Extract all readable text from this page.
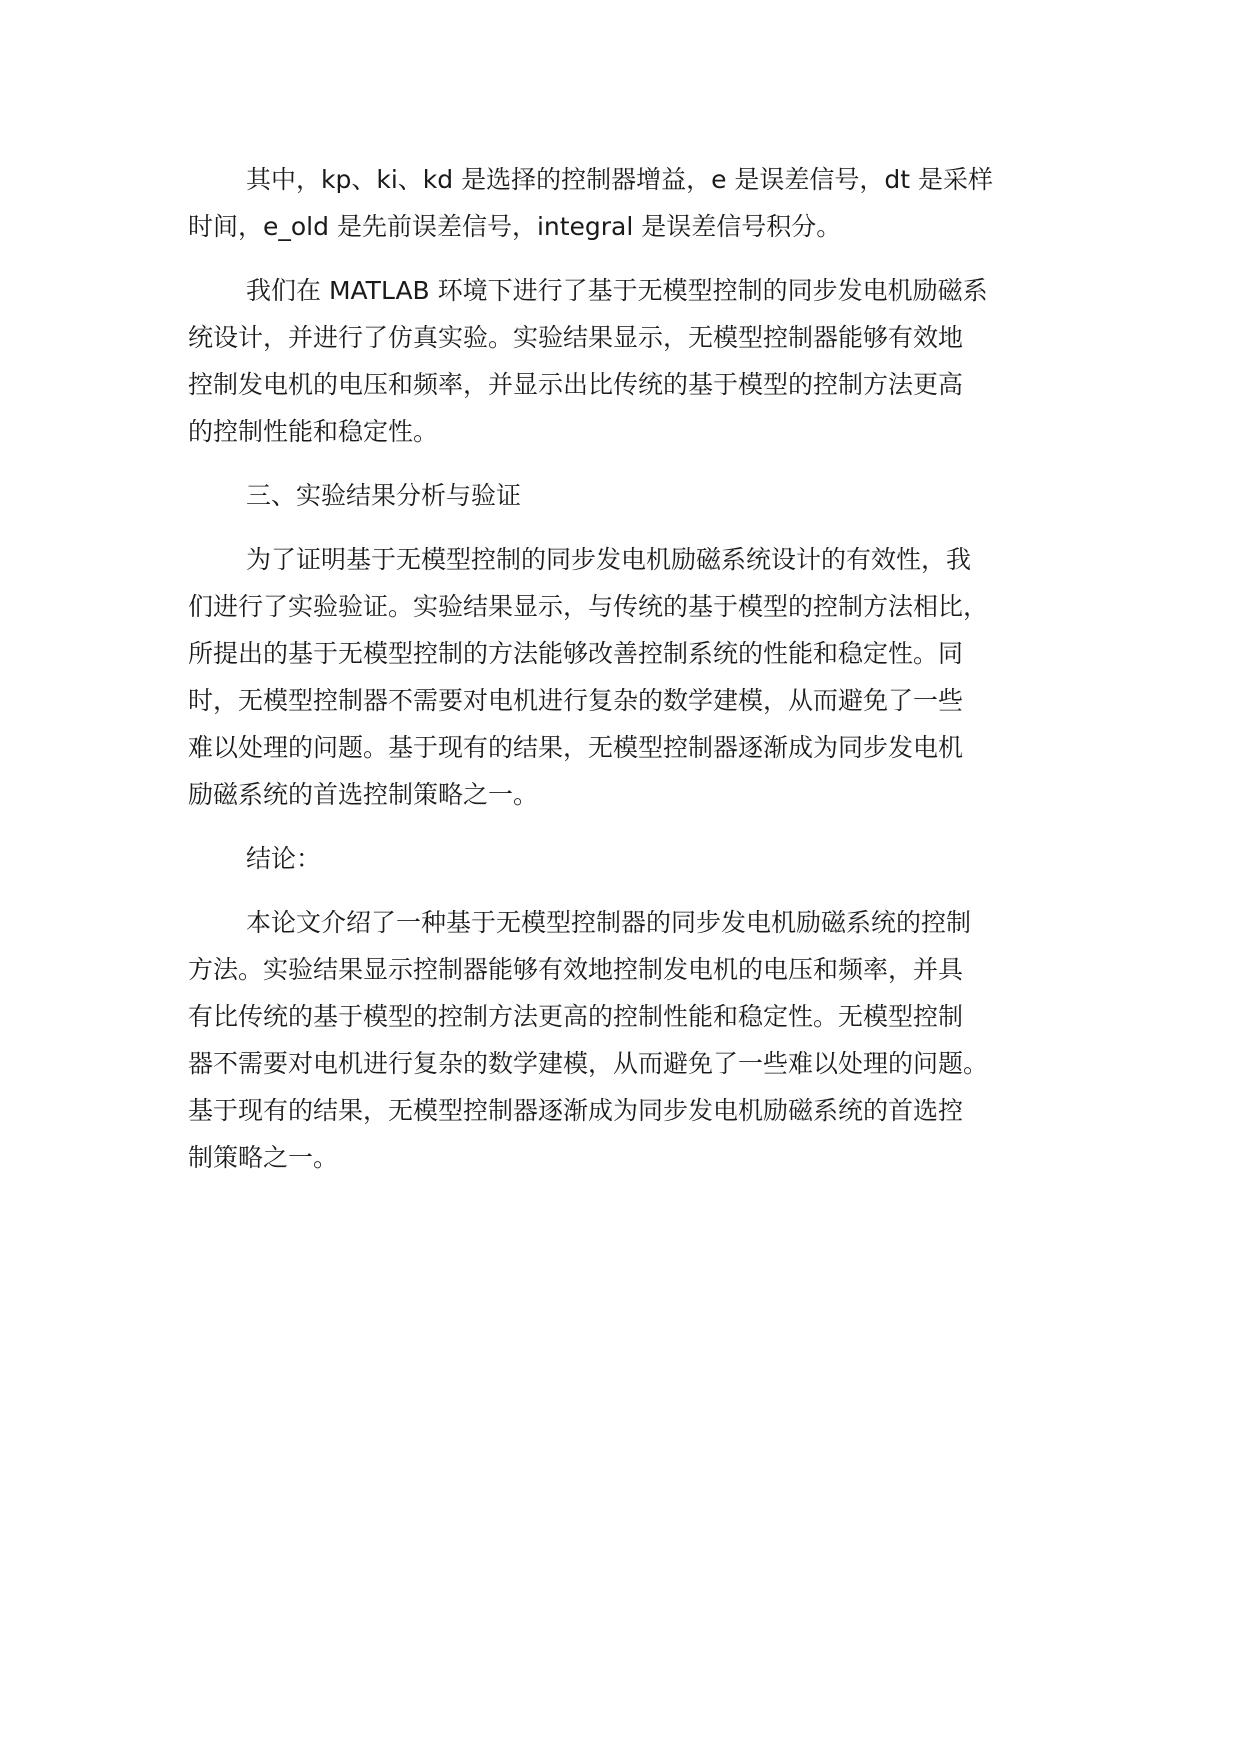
其中，kp、ki、kd 是选择的控制器增益，e 是误差信号，dt 是采样
时间，e_old 是先前误差信号，integral 是误差信号积分。
我们在 MATLAB 环境下进行了基于无模型控制的同步发电机励磁系
统设计，并进行了仿真实验。实验结果显示，无模型控制器能够有效地
控制发电机的电压和频率，并显示出比传统的基于模型的控制方法更高
的控制性能和稳定性。
三、实验结果分析与验证
为了证明基于无模型控制的同步发电机励磁系统设计的有效性，我
们进行了实验验证。实验结果显示，与传统的基于模型的控制方法相比，
所提出的基于无模型控制的方法能够改善控制系统的性能和稳定性。同
时，无模型控制器不需要对电机进行复杂的数学建模，从而避免了一些
难以处理的问题。基于现有的结果，无模型控制器逐渐成为同步发电机
励磁系统的首选控制策略之一。
结论：
本论文介绍了一种基于无模型控制器的同步发电机励磁系统的控制
方法。实验结果显示控制器能够有效地控制发电机的电压和频率，并具
有比传统的基于模型的控制方法更高的控制性能和稳定性。无模型控制
器不需要对电机进行复杂的数学建模，从而避免了一些难以处理的问题。
基于现有的结果，无模型控制器逐渐成为同步发电机励磁系统的首选控
制策略之一。
